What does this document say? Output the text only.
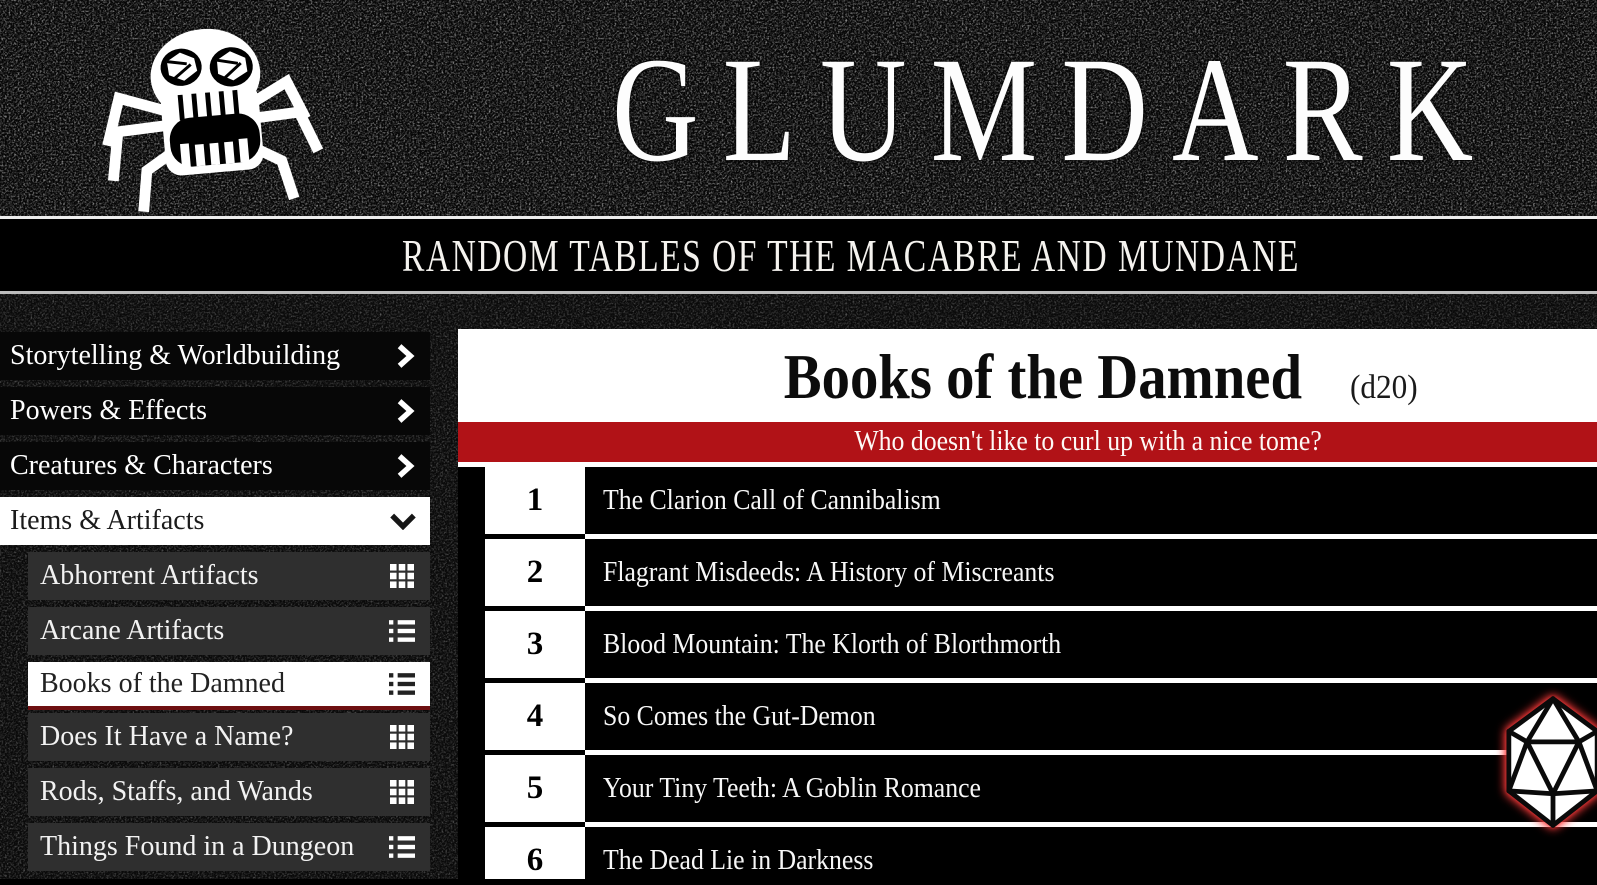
GLUMDARK
RANDOM TABLES OF THE MACABRE AND MUNDANE
Storytelling & Worldbuilding
Powers & Effects
Creatures & Characters
Items & Artifacts
Abhorrent Artifacts
Arcane Artifacts
Books of the Damned
Does It Have a Name?
Rods, Staffs, and Wands
Things Found in a Dungeon
Books of the Damned (d20)
Who doesn't like to curl up with a nice tome?
1	The Clarion Call of Cannibalism
2	Flagrant Misdeeds: A History of Miscreants
3	Blood Mountain: The Klorth of Blorthmorth
4	So Comes the Gut-Demon
5	Your Tiny Teeth: A Goblin Romance
6	The Dead Lie in Darkness
